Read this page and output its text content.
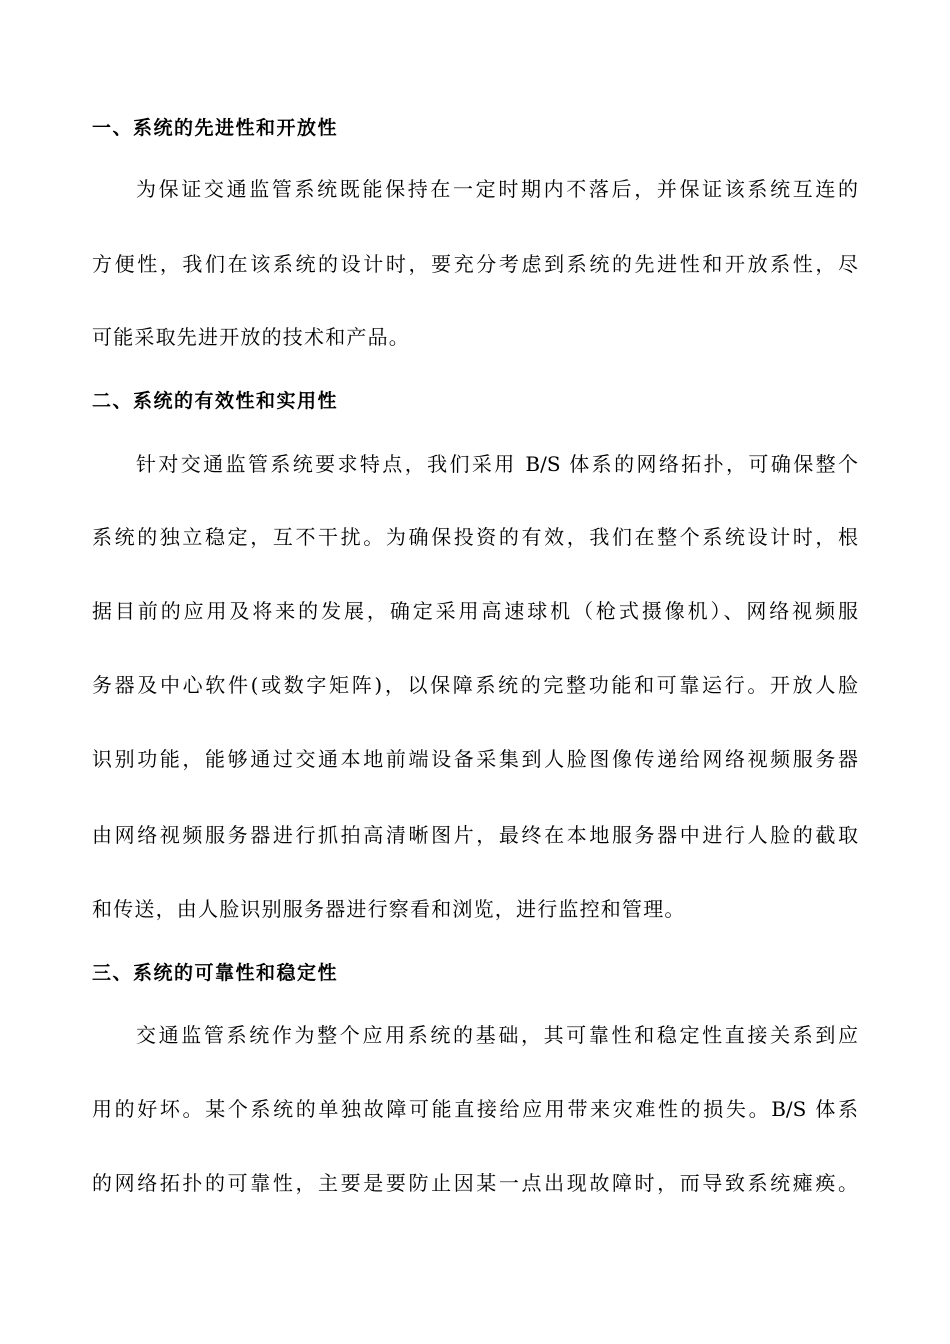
一、系统的先进性和开放性
为保证交通监管系统既能保持在一定时期内不落后，并保证该系统互连的
方便性，我们在该系统的设计时，要充分考虑到系统的先进性和开放系性，尽
可能采取先进开放的技术和产品。
二、系统的有效性和实用性
针对交通监管系统要求特点，我们采用 B/S 体系的网络拓扑，可确保整个
系统的独立稳定，互不干扰。为确保投资的有效，我们在整个系统设计时，根
据目前的应用及将来的发展，确定采用高速球机（枪式摄像机）、网络视频服
务器及中心软件(或数字矩阵)，以保障系统的完整功能和可靠运行。开放人脸
识别功能，能够通过交通本地前端设备采集到人脸图像传递给网络视频服务器
由网络视频服务器进行抓拍高清晰图片，最终在本地服务器中进行人脸的截取
和传送，由人脸识别服务器进行察看和浏览，进行监控和管理。
三、系统的可靠性和稳定性
交通监管系统作为整个应用系统的基础，其可靠性和稳定性直接关系到应
用的好坏。某个系统的单独故障可能直接给应用带来灾难性的损失。B/S 体系
的网络拓扑的可靠性，主要是要防止因某一点出现故障时，而导致系统瘫痪。
